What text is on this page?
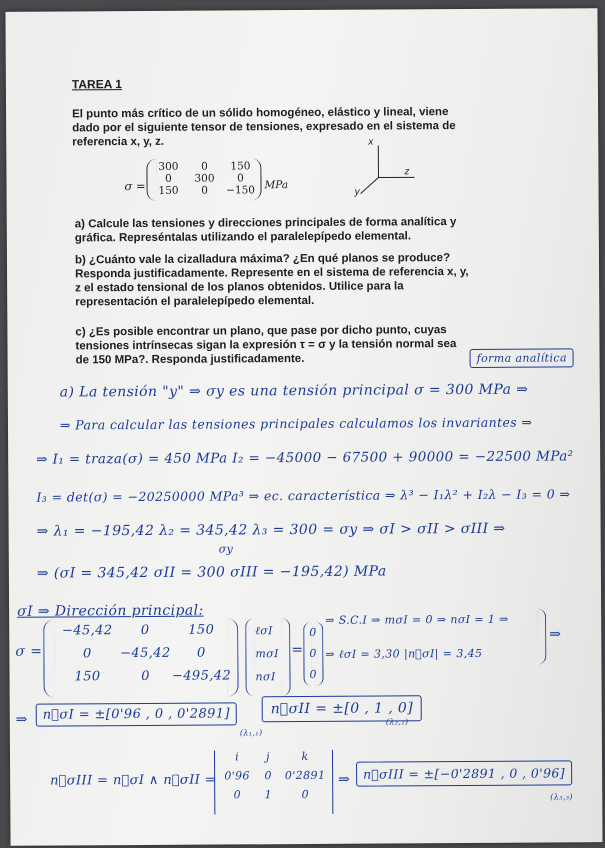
TAREA 1
El punto más crítico de un sólido homogéneo, elástico y lineal, viene dado por el siguiente tensor de tensiones, expresado en el sistema de referencia x, y, z.
σ =
300	0	150
0	300	0
150	0	−150 MPa
x
z
y
a) Calcule las tensiones y direcciones principales de forma analítica y gráfica. Represéntalas utilizando el paralelepípedo elemental.
b) ¿Cuánto vale la cizalladura máxima? ¿En qué planos se produce? Responda justificadamente. Represente en el sistema de referencia x, y, z el estado tensional de los planos obtenidos. Utilice para la representación el paralelepípedo elemental.
c) ¿Es posible encontrar un plano, que pase por dicho punto, cuyas tensiones intrínsecas sigan la expresión τ = σ y la tensión normal sea de 150 MPa?. Responda justificadamente.	forma analítica
a) La tensión "y" ⇒ σy es una tensión principal σ = 300 MPa ⇒
⇒ Para calcular las tensiones principales calculamos los invariantes ⇒
⇒ I₁ = traza(σ) = 450 MPa I₂ = −45000 − 67500 + 90000 = −22500 MPa²
I₃ = det(σ) = −20250000 MPa³ ⇒ ec. característica ⇒ λ³ − I₁λ² + I₂λ − I₃ = 0 ⇒
⇒ λ₁ = −195,42 λ₂ = 345,42 λ₃ = 300 = σy ⇒ σI > σII > σIII ⇒
σy
⇒ (σI = 345,42 σII = 300 σIII = −195,42) MPa
σI ⇒ Dirección principal:
σ =
−45,42	0	150
0	−45,42	0
150	0	−495,42
ℓσI
mσI
nσI
=
0
0
0
⇒ S.C.I ⇒ mσI = 0 ⇒ nσI = 1 ⇒
⇒ ℓσI = 3,30 |n⃗σI| = 3,45
⇒
⇒	n⃗σI = ±[0'96 , 0 , 0'2891]
(λ₁,₁)
n⃗σII = ±[0 , 1 , 0]
(λ₂,₂)
n⃗σIII = n⃗σI ∧ n⃗σII =
i	j	k
0'96	0	0'2891
0	1	0
⇒	n⃗σIII = ±[−0'2891 , 0 , 0'96]
(λ₃,₃)
